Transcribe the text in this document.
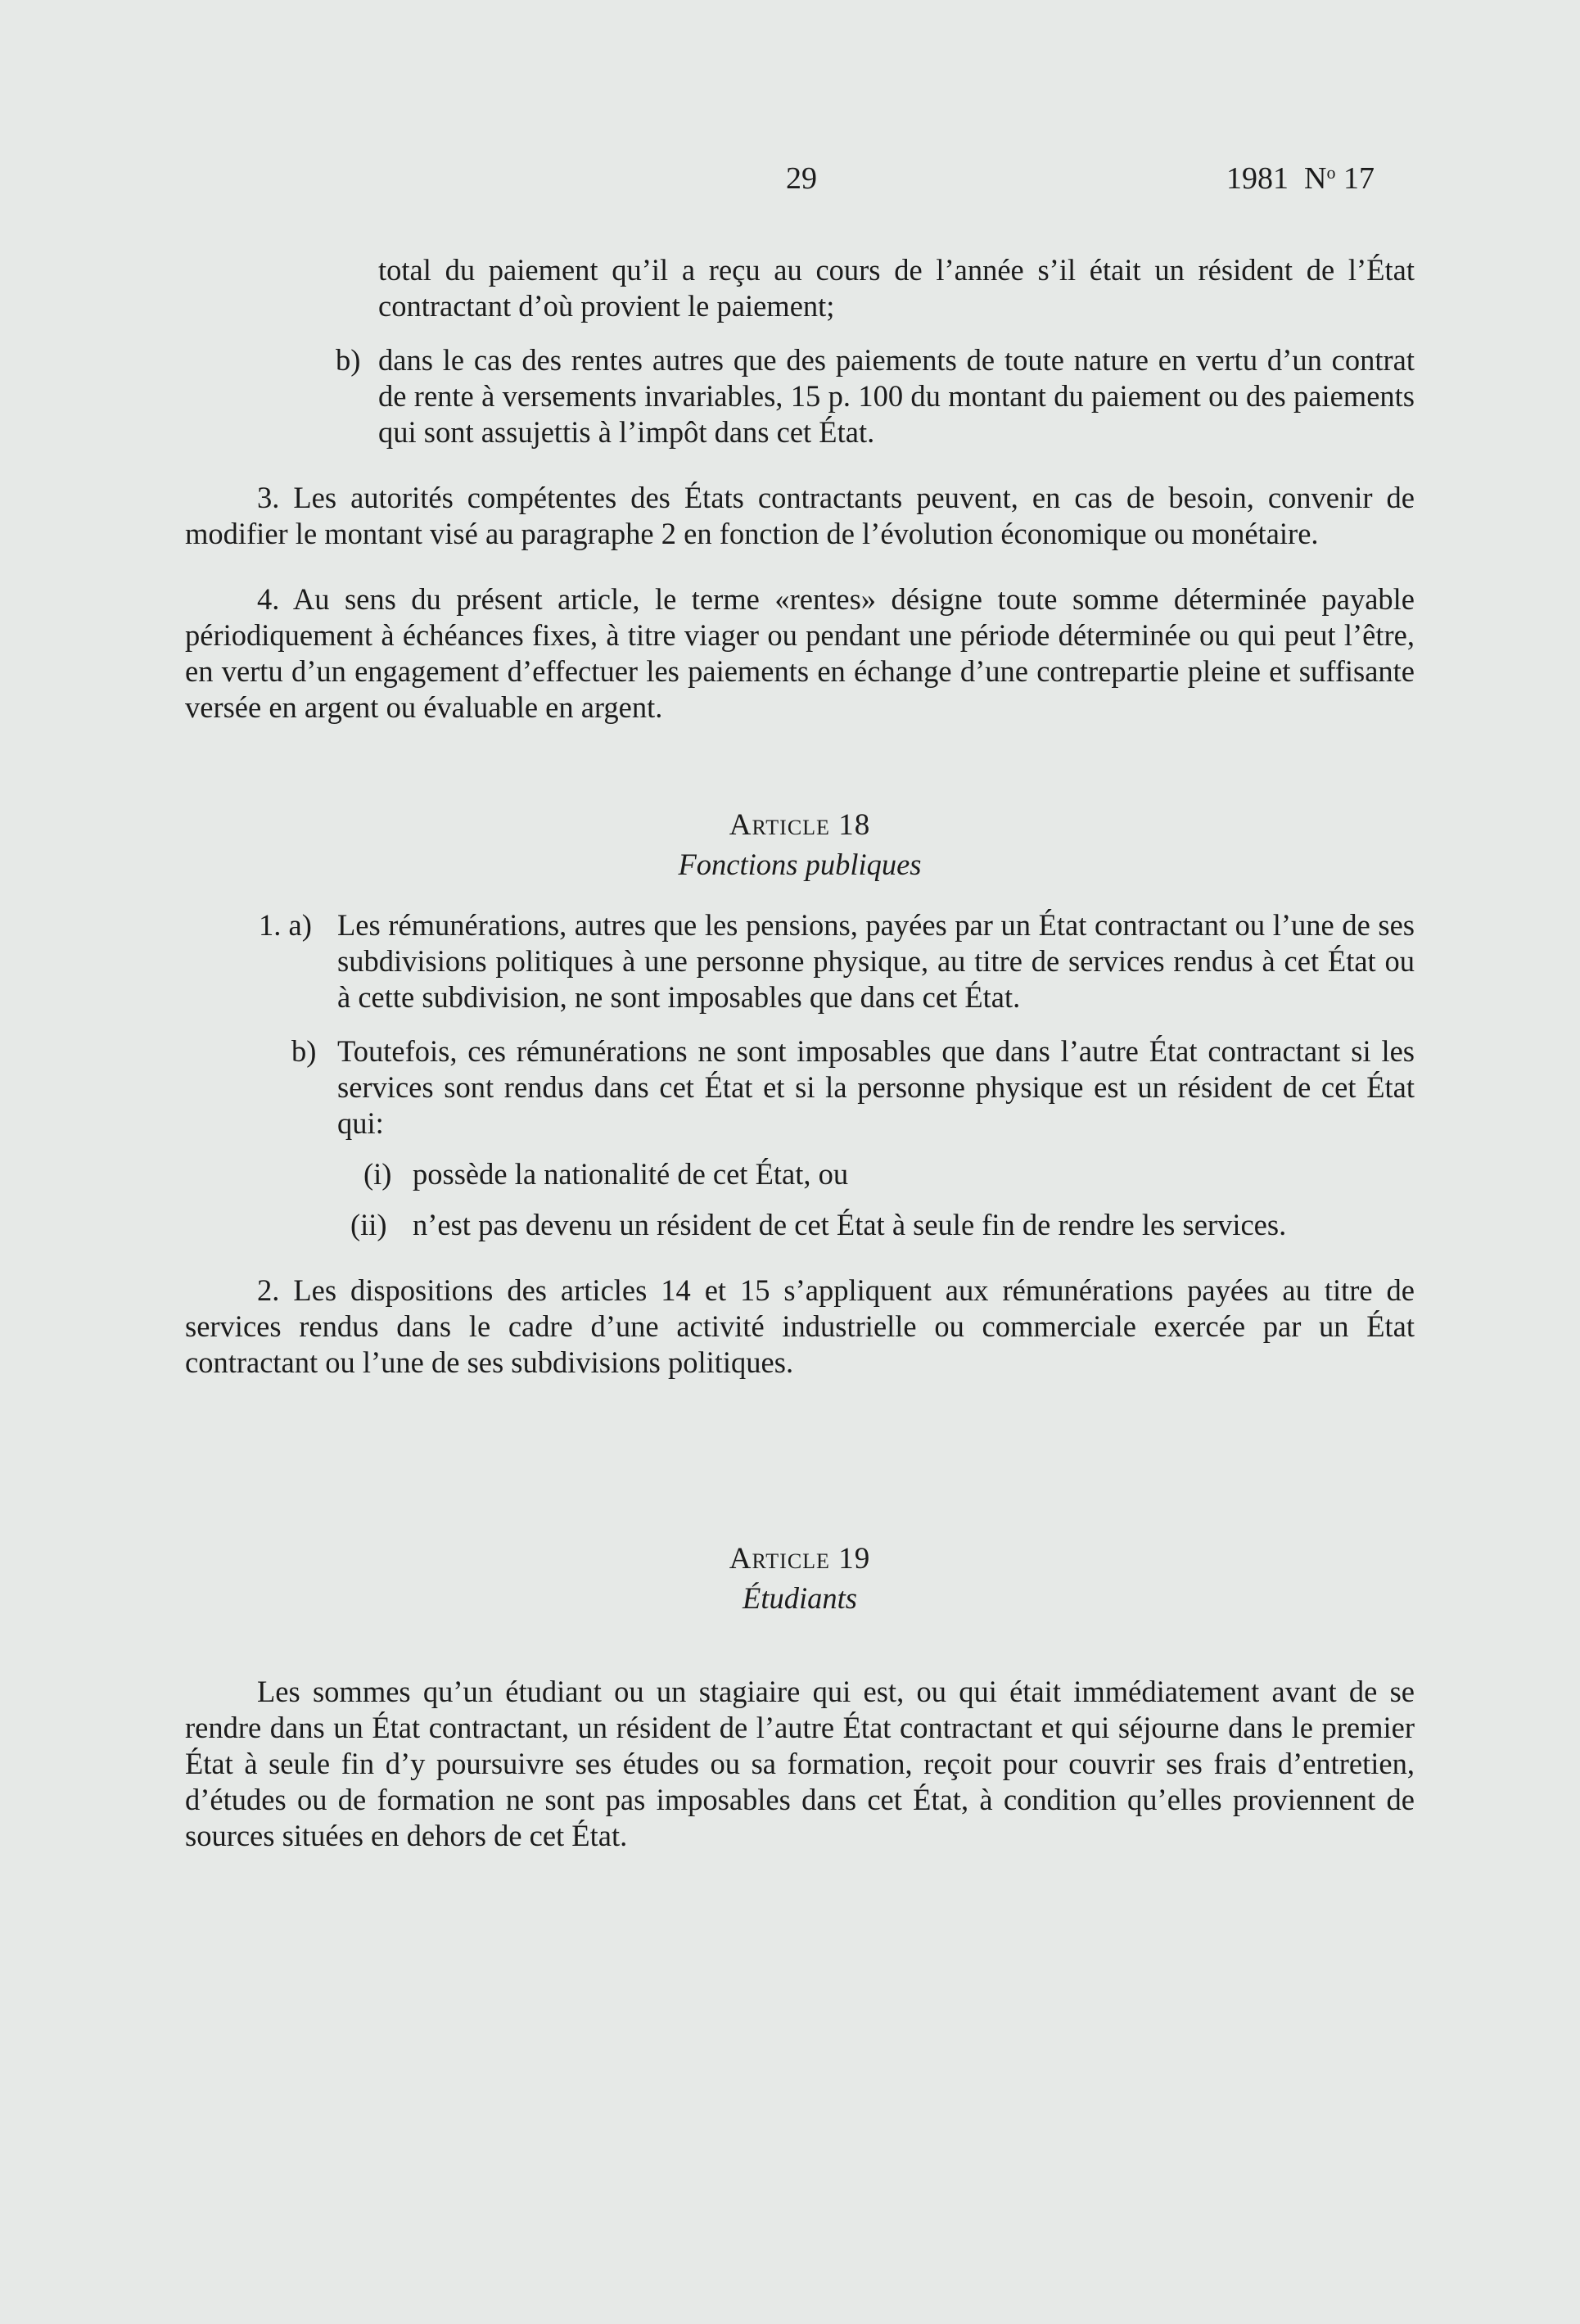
29	1981 $N^o$ 17

total du paiement qu’il a reçu au cours de l’année s’il était un résident de l’État contractant d’où provient le paiement;

b) dans le cas des rentes autres que des paiements de toute nature en vertu d’un contrat de rente à versements invariables, 15 p. 100 du montant du paiement ou des paiements qui sont assujettis à l’impôt dans cet État.

3. Les autorités compétentes des États contractants peuvent, en cas de besoin, convenir de modifier le montant visé au paragraphe 2 en fonction de l’évolution économique ou monétaire.

4. Au sens du présent article, le terme «rentes» désigne toute somme déterminée payable périodiquement à échéances fixes, à titre viager ou pendant une période déterminée ou qui peut l’être, en vertu d’un engagement d’effectuer les paiements en échange d’une contrepartie pleine et suffisante versée en argent ou évaluable en argent.

Article 18

Fonctions publiques

1. a) Les rémunérations, autres que les pensions, payées par un État contractant ou l’une de ses subdivisions politiques à une personne physique, au titre de services rendus à cet État ou à cette subdivision, ne sont imposables que dans cet État.

b) Toutefois, ces rémunérations ne sont imposables que dans l’autre État contractant si les services sont rendus dans cet État et si la personne physique est un résident de cet État qui:

(i) possède la nationalité de cet État, ou

(ii) n’est pas devenu un résident de cet État à seule fin de rendre les services.

2. Les dispositions des articles 14 et 15 s’appliquent aux rémunérations payées au titre de services rendus dans le cadre d’une activité industrielle ou commerciale exercée par un État contractant ou l’une de ses subdivisions politiques.

Article 19

Étudiants

Les sommes qu’un étudiant ou un stagiaire qui est, ou qui était immédiatement avant de se rendre dans un État contractant, un résident de l’autre État contractant et qui séjourne dans le premier État à seule fin d’y poursuivre ses études ou sa formation, reçoit pour couvrir ses frais d’entretien, d’études ou de formation ne sont pas imposables dans cet État, à condition qu’elles proviennent de sources situées en dehors de cet État.
